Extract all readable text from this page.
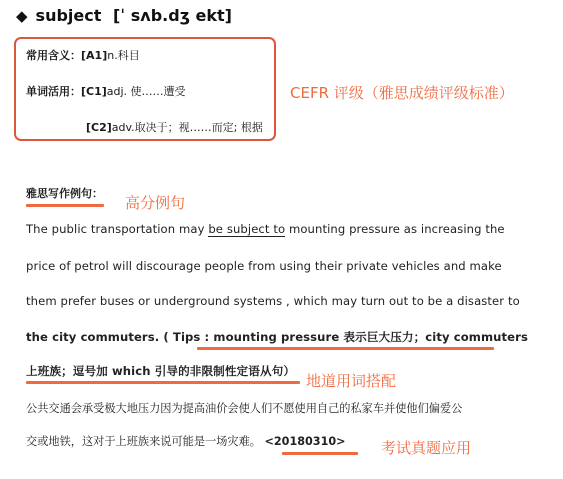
◆ subject [ˈ sʌb.dʒ ekt]
常用含义：[A1]n.科目
单词活用：[C1]adj. 使……遭受
[C2]adv.取决于；视……而定; 根据
CEFR 评级（雅思成绩评级标准）
高分例句
地道用词搭配
考试真题应用
雅思写作例句：
The public transportation may be subject to mounting pressure as increasing the
price of petrol will discourage people from using their private vehicles and make
them prefer buses or underground systems , which may turn out to be a disaster to
the city commuters. ( Tips : mounting pressure 表示巨大压力；city commuters
上班族；逗号加 which 引导的非限制性定语从句）
公共交通会承受极大地压力因为提高油价会使人们不愿使用自己的私家车并使他们偏爱公
交或地铁，这对于上班族来说可能是一场灾难。 <20180310>
